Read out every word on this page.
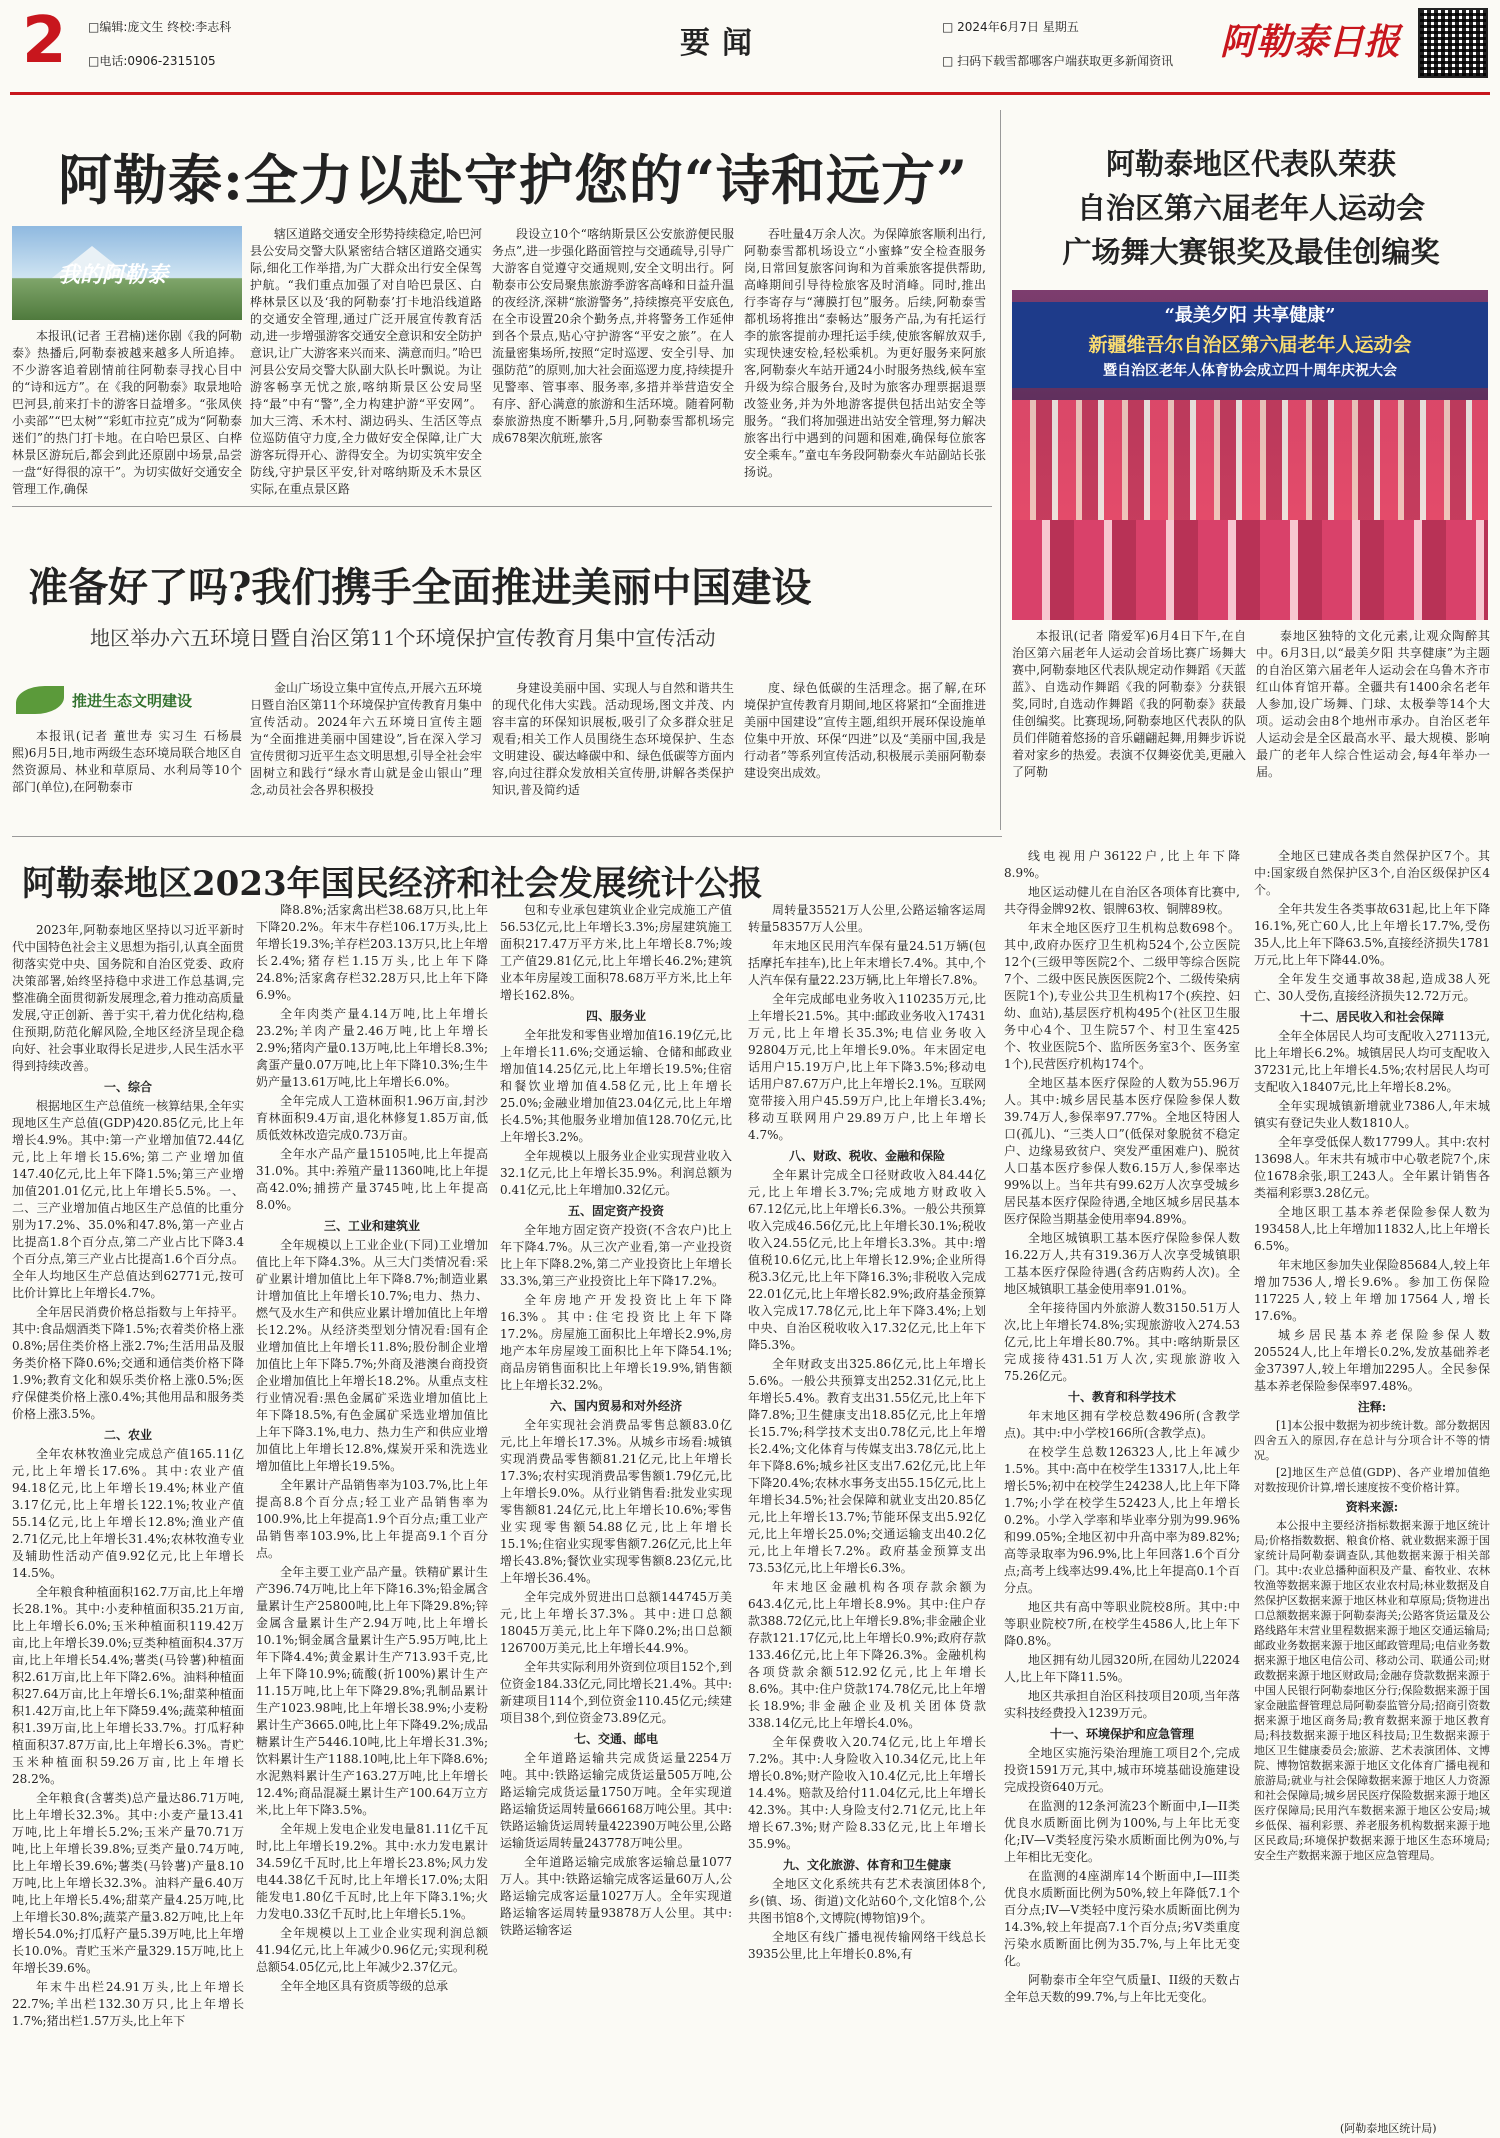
2 □编辑:庞文生 终校:李志科
□电话:0906-2315105	要闻	□ 2024年6月7日 星期五
□ 扫码下载雪都哪客户端获取更多新闻资讯 阿勒泰日报
阿勒泰:全力以赴守护您的“诗和远方”
我的阿勒泰
本报讯(记者 王君楠)迷你剧《我的阿勒泰》热播后,阿勒泰被越来越多人所追捧。不少游客追着剧情前往阿勒泰寻找心目中的“诗和远方”。在《我的阿勒泰》取景地哈巴河县,前来打卡的游客日益增多。“张凤侠小卖部”“巴太树”“彩虹市拉克”成为“阿勒泰迷们”的热门打卡地。在白哈巴景区、白桦林景区游玩后,都会到此还原剧中场景,品尝一盘“好得很的凉干”。为切实做好交通安全管理工作,确保
辖区道路交通安全形势持续稳定,哈巴河县公安局交警大队紧密结合辖区道路交通实际,细化工作举措,为广大群众出行安全保驾护航。“我们重点加强了对自哈巴景区、白桦林景区以及‘我的阿勒泰’打卡地沿线道路的交通安全管理,通过广泛开展宣传教育活动,进一步增强游客交通安全意识和安全防护意识,让广大游客来兴而来、满意而归。”哈巴河县公安局交警大队副大队长叶飘说。为让游客畅享无忧之旅,喀纳斯景区公安局坚持“最”中有“警”,全力构建护游“平安网”。加大三湾、禾木村、湖边码头、生活区等点位巡防值守力度,全力做好安全保障,让广大游客玩得开心、游得安全。为切实筑牢安全防线,守护景区平安,针对喀纳斯及禾木景区实际,在重点景区路
段设立10个“喀纳斯景区公安旅游便民服务点”,进一步强化路面管控与交通疏导,引导广大游客自觉遵守交通规则,安全文明出行。阿勒泰市公安局聚焦旅游季游客高峰和日益升温的夜经济,深耕“旅游警务”,持续擦亮平安底色,在全市设置20余个勤务点,并将警务工作延伸到各个景点,贴心守护游客“平安之旅”。在人流量密集场所,按照“定时巡逻、安全引导、加强防范”的原则,加大社会面巡逻力度,持续提升见警率、管事率、服务率,多措并举营造安全有序、舒心满意的旅游和生活环境。随着阿勒泰旅游热度不断攀升,5月,阿勒泰雪都机场完成678架次航班,旅客
吞吐量4万余人次。为保障旅客顺利出行,阿勒泰雪都机场设立“小蜜蜂”安全检查服务岗,日常回复旅客问询和为首乘旅客提供帮助,高峰期间引导待检旅客及时消峰。同时,推出行李寄存与“薄膜打包”服务。后续,阿勒泰雪都机场将推出“泰畅达”服务产品,为有托运行李的旅客提前办理托运手续,使旅客解放双手,实现快速安检,轻松乘机。为更好服务来阿旅客,阿勒泰火车站开通24小时服务热线,候车室升级为综合服务台,及时为旅客办理票据退票改签业务,并为外地游客提供包括出站安全等服务。“我们将加强进出站安全管理,努力解决旅客出行中遇到的问题和困难,确保每位旅客安全乘车。”童屯车务段阿勒泰火车站副站长张扬说。
阿勒泰地区代表队荣获
自治区第六届老年人运动会
广场舞大赛银奖及最佳创编奖
“最美夕阳 共享健康”
新疆维吾尔自治区第六届老年人运动会
暨自治区老年人体育协会成立四十周年庆祝大会
本报讯(记者 隋爱军)6月4日下午,在自治区第六届老年人运动会首场比赛广场舞大赛中,阿勒泰地区代表队规定动作舞蹈《天蓝蓝》、自选动作舞蹈《我的阿勒泰》分获银奖,同时,自选动作舞蹈《我的阿勒泰》获最佳创编奖。比赛现场,阿勒泰地区代表队的队员们伴随着悠扬的音乐翩翩起舞,用舞步诉说着对家乡的热爱。表演不仅舞姿优美,更融入了阿勒
泰地区独特的文化元素,让观众陶醉其中。6月3日,以“最美夕阳 共享健康”为主题的自治区第六届老年人运动会在乌鲁木齐市红山体育馆开幕。全疆共有1400余名老年人参加,设广场舞、门球、太极拳等14个大项。运动会由8个地州市承办。自治区老年人运动会是全区最高水平、最大规模、影响最广的老年人综合性运动会,每4年举办一届。
准备好了吗?我们携手全面推进美丽中国建设
地区举办六五环境日暨自治区第11个环境保护宣传教育月集中宣传活动
推进生态文明建设
本报讯(记者 董世寿 实习生 石杨晨熙)6月5日,地市两级生态环境局联合地区自然资源局、林业和草原局、水利局等10个部门(单位),在阿勒泰市
金山广场设立集中宣传点,开展六五环境日暨自治区第11个环境保护宣传教育月集中宣传活动。2024年六五环境日宣传主题为“全面推进美丽中国建设”,旨在深入学习宣传贯彻习近平生态文明思想,引导全社会牢固树立和践行“绿水青山就是金山银山”理念,动员社会各界积极投
身建设美丽中国、实现人与自然和谐共生的现代化伟大实践。活动现场,图文并茂、内容丰富的环保知识展板,吸引了众多群众驻足观看;相关工作人员围绕生态环境保护、生态文明建设、碳达峰碳中和、绿色低碳等方面内容,向过往群众发放相关宣传册,讲解各类保护知识,普及简约适
度、绿色低碳的生活理念。据了解,在环境保护宣传教育月期间,地区将紧扣“全面推进美丽中国建设”宣传主题,组织开展环保设施单位集中开放、环保“四进”以及“美丽中国,我是行动者”等系列宣传活动,积极展示美丽阿勒泰建设突出成效。
阿勒泰地区2023年国民经济和社会发展统计公报

2023年,阿勒泰地区坚持以习近平新时代中国特色社会主义思想为指引,认真全面贯彻落实党中央、国务院和自治区党委、政府决策部署,始终坚持稳中求进工作总基调,完整准确全面贯彻新发展理念,着力推动高质量发展,守正创新、善于实干,着力优化结构,稳住预期,防范化解风险,全地区经济呈现企稳向好、社会事业取得长足进步,人民生活水平得到持续改善。

一、综合

根据地区生产总值统一核算结果,全年实现地区生产总值(GDP)420.85亿元,比上年增长4.9%。其中:第一产业增加值72.44亿元,比上年增长15.6%;第二产业增加值147.40亿元,比上年下降1.5%;第三产业增加值201.01亿元,比上年增长5.5%。一、二、三产业增加值占地区生产总值的比重分别为17.2%、35.0%和47.8%,第一产业占比提高1.8个百分点,第二产业占比下降3.4个百分点,第三产业占比提高1.6个百分点。全年人均地区生产总值达到62771元,按可比价计算比上年增长4.7%。

全年居民消费价格总指数与上年持平。其中:食品烟酒类下降1.5%;衣着类价格上涨0.8%;居住类价格上涨2.7%;生活用品及服务类价格下降0.6%;交通和通信类价格下降1.9%;教育文化和娱乐类价格上涨0.5%;医疗保健类价格上涨0.4%;其他用品和服务类价格上涨3.5%。

二、农业

全年农林牧渔业完成总产值165.11亿元,比上年增长17.6%。其中:农业产值94.18亿元,比上年增长19.4%;林业产值3.17亿元,比上年增长122.1%;牧业产值55.14亿元,比上年增长12.8%;渔业产值2.71亿元,比上年增长31.4%;农林牧渔专业及辅助性活动产值9.92亿元,比上年增长14.5%。

全年粮食种植面积162.7万亩,比上年增长28.1%。其中:小麦种植面积35.21万亩,比上年增长6.0%;玉米种植面积119.42万亩,比上年增长39.0%;豆类种植面积4.37万亩,比上年增长54.4%;薯类(马铃薯)种植面积2.61万亩,比上年下降2.6%。油料种植面积27.64万亩,比上年增长6.1%;甜菜种植面积1.42万亩,比上年下降59.4%;蔬菜种植面积1.39万亩,比上年增长33.7%。打瓜籽种植面积37.87万亩,比上年增长6.3%。青贮玉米种植面积59.26万亩,比上年增长28.2%。

全年粮食(含薯类)总产量达86.71万吨,比上年增长32.3%。其中:小麦产量13.41万吨,比上年增长5.2%;玉米产量70.71万吨,比上年增长39.8%;豆类产量0.74万吨,比上年增长39.6%;薯类(马铃薯)产量8.10万吨,比上年增长32.3%。油料产量6.40万吨,比上年增长5.4%;甜菜产量4.25万吨,比上年增长30.8%;蔬菜产量3.82万吨,比上年增长54.0%;打瓜籽产量5.39万吨,比上年增长10.0%。青贮玉米产量329.15万吨,比上年增长39.6%。

年末牛出栏24.91万头,比上年增长22.7%;羊出栏132.30万只,比上年增长1.7%;猪出栏1.57万头,比上年下

降8.8%;活家禽出栏38.68万只,比上年下降20.2%。年末牛存栏106.17万头,比上年增长19.3%;羊存栏203.13万只,比上年增长2.4%;猪存栏1.15万头,比上年下降24.8%;活家禽存栏32.28万只,比上年下降6.9%。

全年肉类产量4.14万吨,比上年增长23.2%;羊肉产量2.46万吨,比上年增长2.9%;猪肉产量0.13万吨,比上年增长8.3%;禽蛋产量0.07万吨,比上年下降10.3%;生牛奶产量13.61万吨,比上年增长6.0%。

全年完成人工造林面积1.96万亩,封沙育林面积9.4万亩,退化林修复1.85万亩,低质低效林改造完成0.73万亩。

全年水产品产量15105吨,比上年提高31.0%。其中:养殖产量11360吨,比上年提高42.0%;捕捞产量3745吨,比上年提高8.0%。

三、工业和建筑业

全年规模以上工业企业(下同)工业增加值比上年下降4.3%。从三大门类情况看:采矿业累计增加值比上年下降8.7%;制造业累计增加值比上年增长10.7%;电力、热力、燃气及水生产和供应业累计增加值比上年增长12.2%。从经济类型划分情况看:国有企业增加值比上年增长11.8%;股份制企业增加值比上年下降5.7%;外商及港澳台商投资企业增加值比上年增长18.2%。从重点支柱行业情况看:黑色金属矿采选业增加值比上年下降18.5%,有色金属矿采选业增加值比上年下降3.1%,电力、热力生产和供应业增加值比上年增长12.8%,煤炭开采和洗选业增加值比上年增长19.5%。

全年累计产品销售率为103.7%,比上年提高8.8个百分点;轻工业产品销售率为100.9%,比上年提高1.9个百分点;重工业产品销售率103.9%,比上年提高9.1个百分点。

全年主要工业产品产量。铁精矿累计生产396.74万吨,比上年下降16.3%;铅金属含量累计生产25800吨,比上年下降29.8%;锌金属含量累计生产2.94万吨,比上年增长10.1%;铜金属含量累计生产5.95万吨,比上年下降4.4%;黄金累计生产713.93千克,比上年下降10.9%;硫酸(折100%)累计生产11.15万吨,比上年下降29.8%;乳制品累计生产1023.98吨,比上年增长38.9%;小麦粉累计生产3665.0吨,比上年下降49.2%;成品糖累计生产5446.10吨,比上年增长31.3%;饮料累计生产1188.10吨,比上年下降8.6%;水泥熟料累计生产163.27万吨,比上年增长12.4%;商品混凝土累计生产100.64万立方米,比上年下降3.5%。

全年规上发电企业发电量81.11亿千瓦时,比上年增长19.2%。其中:水力发电累计34.59亿千瓦时,比上年增长23.8%;风力发电44.38亿千瓦时,比上年增长17.0%;太阳能发电1.80亿千瓦时,比上年下降3.1%;火力发电0.33亿千瓦时,比上年增长5.1%。

全年规模以上工业企业实现利润总额41.94亿元,比上年减少0.96亿元;实现利税总额54.05亿元,比上年减少2.37亿元。

全年全地区具有资质等级的总承

包和专业承包建筑业企业完成施工产值56.53亿元,比上年增长3.3%;房屋建筑施工面积217.47万平方米,比上年增长8.7%;竣工产值29.81亿元,比上年增长46.2%;建筑业本年房屋竣工面积78.68万平方米,比上年增长162.8%。

四、服务业

全年批发和零售业增加值16.19亿元,比上年增长11.6%;交通运输、仓储和邮政业增加值14.25亿元,比上年增长19.5%;住宿和餐饮业增加值4.58亿元,比上年增长25.0%;金融业增加值23.04亿元,比上年增长4.5%;其他服务业增加值128.70亿元,比上年增长3.2%。

全年规模以上服务业企业实现营业收入32.1亿元,比上年增长35.9%。利润总额为0.41亿元,比上年增加0.32亿元。

五、固定资产投资

全年地方固定资产投资(不含农户)比上年下降4.7%。从三次产业看,第一产业投资比上年下降8.2%,第二产业投资比上年增长33.3%,第三产业投资比上年下降17.2%。

全年房地产开发投资比上年下降16.3%。其中:住宅投资比上年下降17.2%。房屋施工面积比上年增长2.9%,房地产本年房屋竣工面积比上年下降54.1%;商品房销售面积比上年增长19.9%,销售额比上年增长32.2%。

六、国内贸易和对外经济

全年实现社会消费品零售总额83.0亿元,比上年增长17.3%。从城乡市场看:城镇实现消费品零售额81.21亿元,比上年增长17.3%;农村实现消费品零售额1.79亿元,比上年增长9.0%。从行业销售看:批发业实现零售额81.24亿元,比上年增长10.6%;零售业实现零售额54.88亿元,比上年增长15.1%;住宿业实现零售额7.26亿元,比上年增长43.8%;餐饮业实现零售额8.23亿元,比上年增长36.4%。

全年完成外贸进出口总额144745万美元,比上年增长37.3%。其中:进口总额18045万美元,比上年下降0.2%;出口总额126700万美元,比上年增长44.9%。

全年共实际利用外资到位项目152个,到位资金184.33亿元,同比增长21.4%。其中:新建项目114个,到位资金110.45亿元;续建项目38个,到位资金73.89亿元。

七、交通、邮电

全年道路运输共完成货运量2254万吨。其中:铁路运输完成货运量505万吨,公路运输完成货运量1750万吨。全年实现道路运输货运周转量666168万吨公里。其中:铁路运输货运周转量422390万吨公里,公路运输货运周转量243778万吨公里。

全年道路运输完成旅客运输总量1077万人。其中:铁路运输完成客运量60万人,公路运输完成客运量1027万人。全年实现道路运输客运周转量93878万人公里。其中:铁路运输客运

周转量35521万人公里,公路运输客运周转量58357万人公里。

年末地区民用汽车保有量24.51万辆(包括摩托车挂车),比上年末增长7.4%。其中,个人汽车保有量22.23万辆,比上年增长7.8%。

全年完成邮电业务收入110235万元,比上年增长21.5%。其中:邮政业务收入17431万元,比上年增长35.3%;电信业务收入92804万元,比上年增长9.0%。年末固定电话用户15.19万户,比上年下降3.5%;移动电话用户87.67万户,比上年增长2.1%。互联网宽带接入用户45.59万户,比上年增长3.4%;移动互联网用户29.89万户,比上年增长4.7%。

八、财政、税收、金融和保险

全年累计完成全口径财政收入84.44亿元,比上年增长3.7%;完成地方财政收入67.12亿元,比上年增长6.3%。一般公共预算收入完成46.56亿元,比上年增长30.1%;税收收入24.55亿元,比上年增长3.3%。其中:增值税10.6亿元,比上年增长12.9%;企业所得税3.3亿元,比上年下降16.3%;非税收入完成22.01亿元,比上年增长82.9%;政府基金预算收入完成17.78亿元,比上年下降3.4%;上划中央、自治区税收收入17.32亿元,比上年下降5.3%。

全年财政支出325.86亿元,比上年增长5.6%。一般公共预算支出252.31亿元,比上年增长5.4%。教育支出31.55亿元,比上年下降7.8%;卫生健康支出18.85亿元,比上年增长15.7%;科学技术支出0.78亿元,比上年增长2.4%;文化体育与传媒支出3.78亿元,比上年下降8.6%;城乡社区支出7.62亿元,比上年下降20.4%;农林水事务支出55.15亿元,比上年增长34.5%;社会保障和就业支出20.85亿元,比上年增长13.7%;节能环保支出5.92亿元,比上年增长25.0%;交通运输支出40.2亿元,比上年增长7.2%。政府基金预算支出73.53亿元,比上年增长6.3%。

年末地区金融机构各项存款余额为643.4亿元,比上年增长8.9%。其中:住户存款388.72亿元,比上年增长9.8%;非金融企业存款121.17亿元,比上年增长0.9%;政府存款133.46亿元,比上年下降26.3%。金融机构各项贷款余额512.92亿元,比上年增长8.6%。其中:住户贷款174.78亿元,比上年增长18.9%;非金融企业及机关团体贷款338.14亿元,比上年增长4.0%。

全年保费收入20.74亿元,比上年增长7.2%。其中:人身险收入10.34亿元,比上年增长0.8%;财产险收入10.4亿元,比上年增长14.4%。赔款及给付11.04亿元,比上年增长42.3%。其中:人身险支付2.71亿元,比上年增长67.3%;财产险8.33亿元,比上年增长35.9%。

九、文化旅游、体育和卫生健康

全地区文化系统共有艺术表演团体8个,乡(镇、场、街道)文化站60个,文化馆8个,公共图书馆8个,文博院(博物馆)9个。

全地区有线广播电视传输网络干线总长3935公里,比上年增长0.8%,有

线电视用户36122户,比上年下降8.9%。

地区运动健儿在自治区各项体育比赛中,共夺得金牌92枚、银牌63枚、铜牌89枚。

年末全地区医疗卫生机构总数698个。其中,政府办医疗卫生机构524个,公立医院12个(三级甲等医院2个、二级甲等综合医院7个、二级中医民族医医院2个、二级传染病医院1个),专业公共卫生机构17个(疾控、妇幼、血站),基层医疗机构495个(社区卫生服务中心4个、卫生院57个、村卫生室425个、牧业医院5个、监所医务室3个、医务室1个),民营医疗机构174个。

全地区基本医疗保险的人数为55.96万人。其中:城乡居民基本医疗保险参保人数39.74万人,参保率97.77%。全地区特困人口(孤儿)、“三类人口”(低保对象脱贫不稳定户、边缘易致贫户、突发严重困难户)、脱贫人口基本医疗参保人数6.15万人,参保率达99%以上。当年共有99.62万人次享受城乡居民基本医疗保险待遇,全地区城乡居民基本医疗保险当期基金使用率94.89%。

全地区城镇职工基本医疗保险参保人数16.22万人,共有319.36万人次享受城镇职工基本医疗保险待遇(含药店购药人次)。全地区城镇职工基金使用率91.01%。

全年接待国内外旅游人数3150.51万人次,比上年增长74.8%;实现旅游收入274.53亿元,比上年增长80.7%。其中:喀纳斯景区完成接待431.51万人次,实现旅游收入75.26亿元。

十、教育和科学技术

年末地区拥有学校总数496所(含教学点)。其中:中小学校166所(含教学点)。

在校学生总数126323人,比上年减少1.5%。其中:高中在校学生13317人,比上年增长5%;初中在校学生24238人,比上年下降1.7%;小学在校学生52423人,比上年增长0.2%。小学入学率和毕业率分别为99.96%和99.05%;全地区初中升高中率为89.82%;高等录取率为96.9%,比上年回落1.6个百分点;高考上线率达99.4%,比上年提高0.1个百分点。

地区共有高中等职业院校8所。其中:中等职业院校7所,在校学生4586人,比上年下降0.8%。

地区拥有幼儿园320所,在园幼儿22024人,比上年下降11.5%。

地区共承担自治区科技项目20项,当年落实科技经费投入1239万元。

十一、环境保护和应急管理

全地区实施污染治理施工项目2个,完成投资1591万元,其中,城市环境基础设施建设完成投资640万元。

在监测的12条河流23个断面中,I—II类优良水质断面比例为100%,与上年比无变化;IV—V类轻度污染水质断面比例为0%,与上年相比无变化。

在监测的4座湖库14个断面中,I—III类优良水质断面比例为50%,较上年降低7.1个百分点;IV—V类轻中度污染水质断面比例为14.3%,较上年提高7.1个百分点;劣V类重度污染水质断面比例为35.7%,与上年比无变化。

阿勒泰市全年空气质量I、II级的天数占全年总天数的99.7%,与上年比无变化。

全地区已建成各类自然保护区7个。其中:国家级自然保护区3个,自治区级保护区4个。

全年共发生各类事故631起,比上年下降16.1%,死亡60人,比上年增长17.7%,受伤35人,比上年下降63.5%,直接经济损失1781万元,比上年下降44.0%。

全年发生交通事故38起,造成38人死亡、30人受伤,直接经济损失12.72万元。

十二、居民收入和社会保障

全年全体居民人均可支配收入27113元,比上年增长6.2%。城镇居民人均可支配收入37231元,比上年增长4.5%;农村居民人均可支配收入18407元,比上年增长8.2%。

全年实现城镇新增就业7386人,年末城镇实有登记失业人数1810人。

全年享受低保人数17799人。其中:农村13698人。年末共有城市中心敬老院7个,床位1678余张,职工243人。全年累计销售各类福利彩票3.28亿元。

全地区职工基本养老保险参保人数为193458人,比上年增加11832人,比上年增长6.5%。

年末地区参加失业保险85684人,较上年增加7536人,增长9.6%。参加工伤保险117225人,较上年增加17564人,增长17.6%。

城乡居民基本养老保险参保人数205524人,比上年增长0.2%,发放基础养老金37397人,较上年增加2295人。全民参保基本养老保险参保率97.48%。

注释:

[1]本公报中数据为初步统计数。部分数据因四舍五入的原因,存在总计与分项合计不等的情况。

[2]地区生产总值(GDP)、各产业增加值绝对数按现价计算,增长速度按不变价格计算。

资料来源:

本公报中主要经济指标数据来源于地区统计局;价格指数数据、粮食价格、就业数据来源于国家统计局阿勒泰调查队,其他数据来源于相关部门。其中:农业总播种面积及产量、畜牧业、农林牧渔等数据来源于地区农业农村局;林业数据及自然保护区数据来源于地区林业和草原局;货物进出口总额数据来源于阿勒泰海关;公路客货运量及公路线路年末营业里程数据来源于地区交通运输局;邮政业务数据来源于地区邮政管理局;电信业务数据来源于地区电信公司、移动公司、联通公司;财政数据来源于地区财政局;金融存贷款数据来源于中国人民银行阿勒泰地区分行;保险数据来源于国家金融监督管理总局阿勒泰监管分局;招商引资数据来源于地区商务局;教育数据来源于地区教育局;科技数据来源于地区科技局;卫生数据来源于地区卫生健康委员会;旅游、艺术表演团体、文博院、博物馆数据来源于地区文化体育广播电视和旅游局;就业与社会保障数据来源于地区人力资源和社会保障局;城乡居民医疗保险数据来源于地区医疗保障局;民用汽车数据来源于地区公安局;城乡低保、福利彩票、养老服务机构数据来源于地区民政局;环境保护数据来源于地区生态环境局;安全生产数据来源于地区应急管理局。

(阿勒泰地区统计局)
